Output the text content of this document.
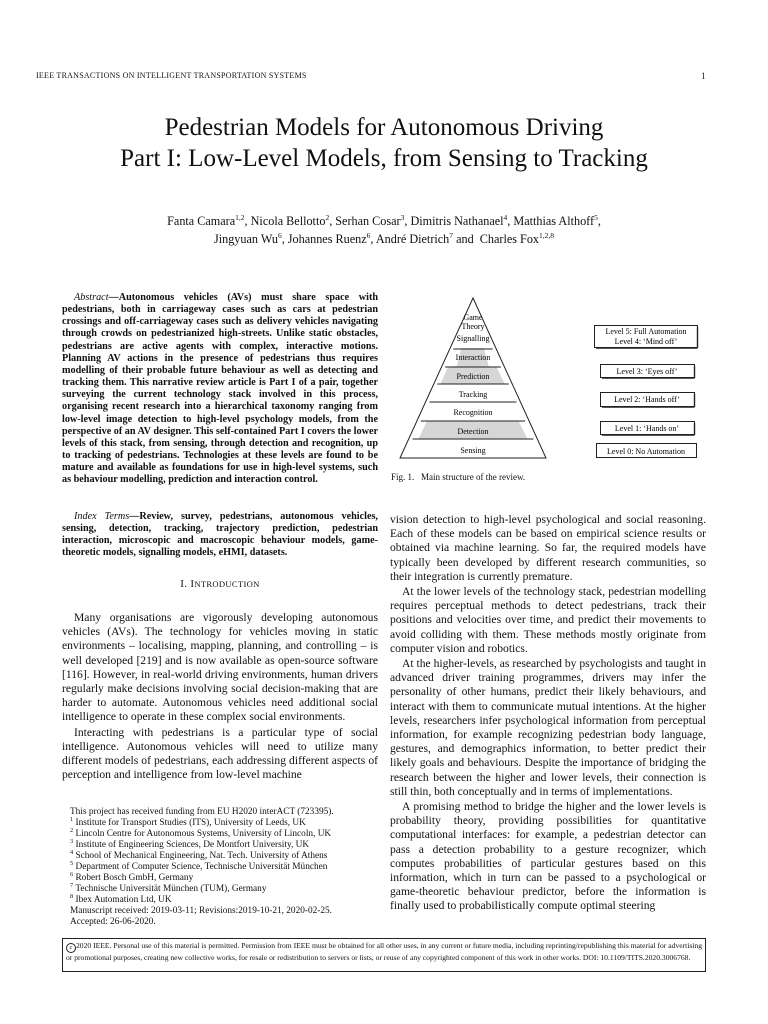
IEEE TRANSACTIONS ON INTELLIGENT TRANSPORTATION SYSTEMS	1
Pedestrian Models for Autonomous Driving
Part I: Low-Level Models, from Sensing to Tracking
Fanta Camara$^{1,2}$, Nicola Bellotto$^2$, Serhan Cosar$^3$, Dimitris Nathanael$^4$, Matthias Althoff$^5$,
Jingyuan Wu$^6$, Johannes Ruenz$^6$, André Dietrich$^7$ and  Charles Fox$^{1,2,8}$
Abstract—Autonomous vehicles (AVs) must share space with pedestrians, both in carriageway cases such as cars at pedestrian crossings and off-carriageway cases such as delivery vehicles navigating through crowds on pedestrianized high-streets. Unlike static obstacles, pedestrians are active agents with complex, interactive motions. Planning AV actions in the presence of pedestrians thus requires modelling of their probable future behaviour as well as detecting and tracking them. This narrative review article is Part I of a pair, together surveying the current technology stack involved in this process, organising recent research into a hierarchical taxonomy ranging from low-level image detection to high-level psychology models, from the perspective of an AV designer. This self-contained Part I covers the lower levels of this stack, from sensing, through detection and recognition, up to tracking of pedestrians. Technologies at these levels are found to be mature and available as foundations for use in high-level systems, such as behaviour modelling, prediction and interaction control.
Index Terms—Review, survey, pedestrians, autonomous vehicles, sensing, detection, tracking, trajectory prediction, pedestrian interaction, microscopic and macroscopic behaviour models, game-theoretic models, signalling models, eHMI, datasets.
I. INTRODUCTION

Many organisations are vigorously developing autonomous vehicles (AVs). The technology for vehicles moving in static environments – localising, mapping, planning, and controlling – is well developed [219] and is now available as open-source software [116]. However, in real-world driving environments, human drivers regularly make decisions involving social decision-making that are harder to automate. Autonomous vehicles need additional social intelligence to operate in these complex social environments.

Interacting with pedestrians is a particular type of social intelligence. Autonomous vehicles will need to utilize many different models of pedestrians, each addressing different aspects of perception and intelligence from low-level machine

This project has received funding from EU H2020 interACT (723395).
$^1$ Institute for Transport Studies (ITS), University of Leeds, UK
$^2$ Lincoln Centre for Autonomous Systems, University of Lincoln, UK
$^3$ Institute of Engineering Sciences, De Montfort University, UK
$^4$ School of Mechanical Engineering, Nat. Tech. University of Athens
$^5$ Department of Computer Science, Technische Universität München
$^6$ Robert Bosch GmbH, Germany
$^7$ Technische Universität München (TUM), Germany
$^8$ Ibex Automation Ltd, UK
Manuscript received: 2019-03-11; Revisions:2019-10-21, 2020-02-25.
Accepted: 26-06-2020.
Game
Theory
Signalling
Interaction
Prediction
Tracking
Recognition
Detection
Sensing
Level 5: Full Automation
Level 4: ‘Mind off’
Level 3: ‘Eyes off’
Level 2: ‘Hands off’
Level 1: ‘Hands on’
Level 0: No Automation
Fig. 1.   Main structure of the review.

vision detection to high-level psychological and social reasoning. Each of these models can be based on empirical science results or obtained via machine learning. So far, the required models have typically been developed by different research communities, so their integration is currently premature.

At the lower levels of the technology stack, pedestrian modelling requires perceptual methods to detect pedestrians, track their positions and velocities over time, and predict their movements to avoid colliding with them. These methods mostly originate from computer vision and robotics.

At the higher-levels, as researched by psychologists and taught in advanced driver training programmes, drivers may infer the personality of other humans, predict their likely behaviours, and interact with them to communicate mutual intentions. At the higher levels, researchers infer psychological information from perceptual information, for example recognizing pedestrian body language, gestures, and demographics information, to better predict their likely goals and behaviours. Despite the importance of bridging the research between the higher and lower levels, their connection is still thin, both conceptually and in terms of implementations.

A promising method to bridge the higher and the lower levels is probability theory, providing possibilities for quantitative computational interfaces: for example, a pedestrian detector can pass a detection probability to a gesture recognizer, which computes probabilities of particular gestures based on this information, which in turn can be passed to a psychological or game-theoretic behaviour predictor, before the information is finally used to probabilistically compute optimal steering

c 2020 IEEE. Personal use of this material is permitted. Permission from IEEE must be obtained for all other uses, in any current or future media, including reprinting/republishing this material for advertising or promotional purposes, creating new collective works, for resale or redistribution to servers or lists, or reuse of any copyrighted component of this work in other works. DOI: 10.1109/TITS.2020.3006768.
